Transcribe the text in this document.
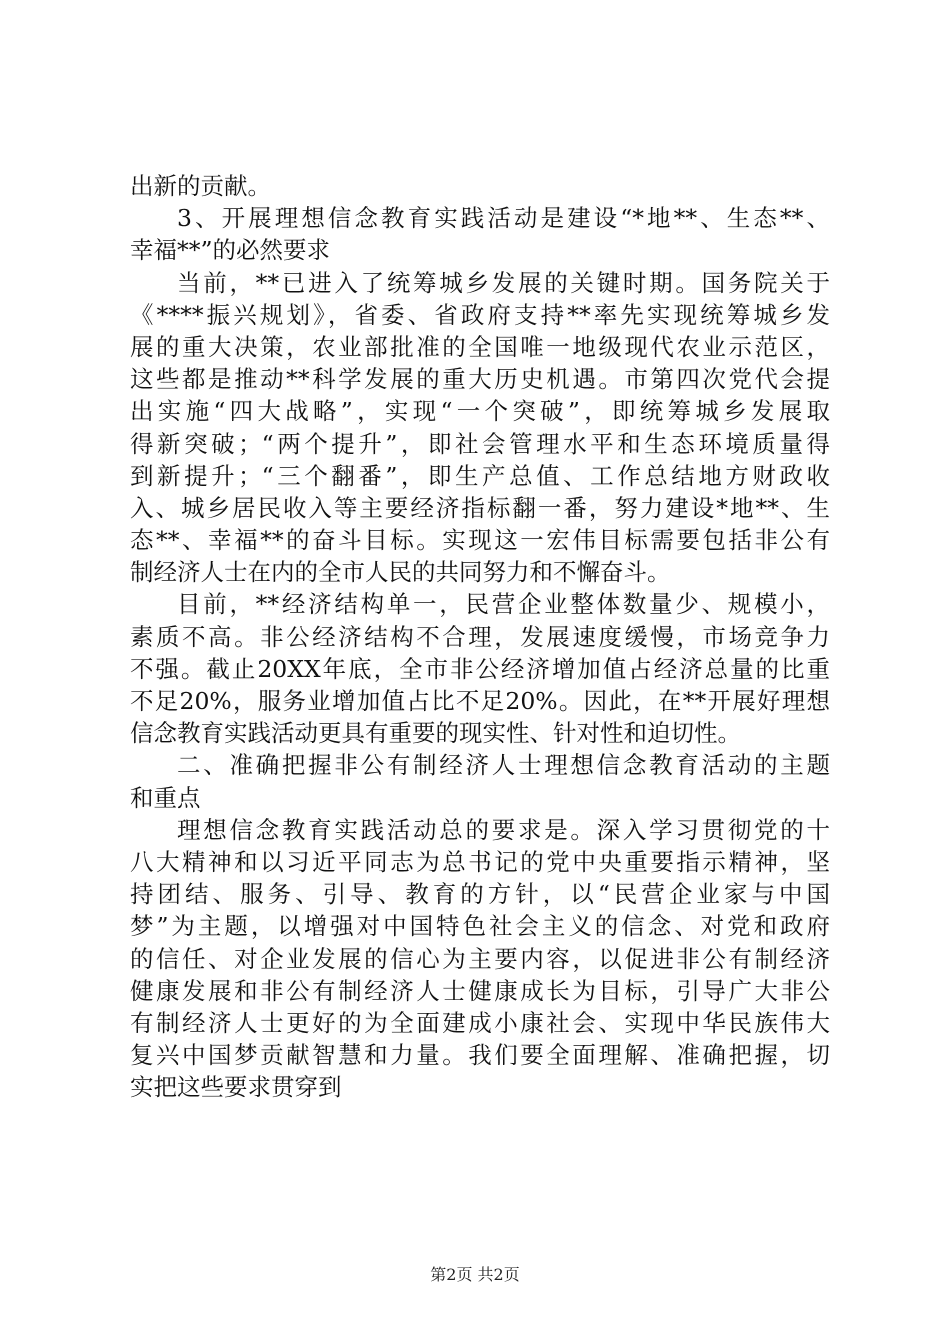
出新的贡献。
3、开展理想信念教育实践活动是建设“*地**、生态**、
幸福**”的必然要求
当前，**已进入了统筹城乡发展的关键时期。国务院关于
《****振兴规划》，省委、省政府支持**率先实现统筹城乡发
展的重大决策，农业部批准的全国唯一地级现代农业示范区，
这些都是推动**科学发展的重大历史机遇。市第四次党代会提
出实施“四大战略”，实现“一个突破”，即统筹城乡发展取
得新突破；“两个提升”，即社会管理水平和生态环境质量得
到新提升；“三个翻番”，即生产总值、工作总结地方财政收
入、城乡居民收入等主要经济指标翻一番，努力建设*地**、生
态**、幸福**的奋斗目标。实现这一宏伟目标需要包括非公有
制经济人士在内的全市人民的共同努力和不懈奋斗。
目前，**经济结构单一，民营企业整体数量少、规模小，
素质不高。非公经济结构不合理，发展速度缓慢，市场竞争力
不强。截止20XX年底，全市非公经济增加值占经济总量的比重
不足20%，服务业增加值占比不足20%。因此，在**开展好理想
信念教育实践活动更具有重要的现实性、针对性和迫切性。
二、准确把握非公有制经济人士理想信念教育活动的主题
和重点
理想信念教育实践活动总的要求是。深入学习贯彻党的十
八大精神和以习近平同志为总书记的党中央重要指示精神，坚
持团结、服务、引导、教育的方针，以“民营企业家与中国
梦”为主题，以增强对中国特色社会主义的信念、对党和政府
的信任、对企业发展的信心为主要内容，以促进非公有制经济
健康发展和非公有制经济人士健康成长为目标，引导广大非公
有制经济人士更好的为全面建成小康社会、实现中华民族伟大
复兴中国梦贡献智慧和力量。我们要全面理解、准确把握，切
实把这些要求贯穿到
第2页 共2页
